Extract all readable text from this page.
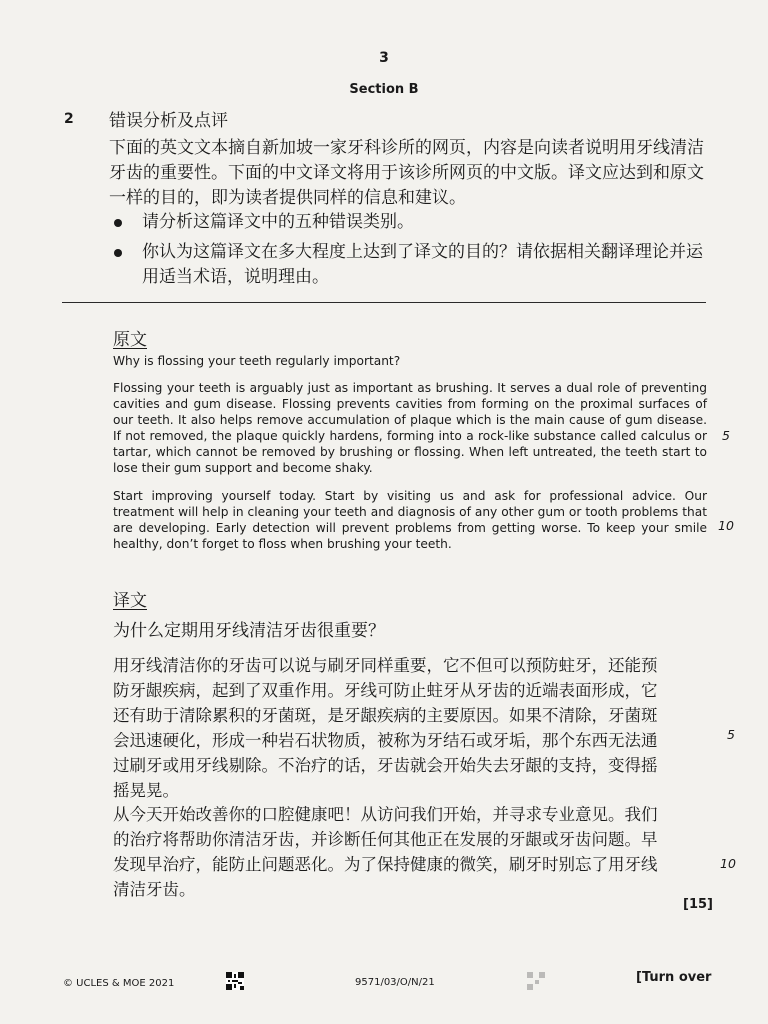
3
Section B
2 错误分析及点评

下面的英文文本摘自新加坡一家牙科诊所的网页，内容是向读者说明用牙线清洁牙齿的重要性。下面的中文译文将用于该诊所网页的中文版。译文应达到和原文一样的目的，即为读者提供同样的信息和建议。

请分析这篇译文中的五种错误类别。
你认为这篇译文在多大程度上达到了译文的目的？请依据相关翻译理论并运用适当术语，说明理由。
原文
Why is flossing your teeth regularly important?

Flossing your teeth is arguably just as important as brushing. It serves a dual role of preventing cavities and gum disease. Flossing prevents cavities from forming on the proximal surfaces of our teeth. It also helps remove accumulation of plaque which is the main cause of gum disease. If not removed, the plaque quickly hardens, forming into a rock-like substance called calculus or tartar, which cannot be removed by brushing or flossing. When left untreated, the teeth start to lose their gum support and become shaky.

5

Start improving yourself today. Start by visiting us and ask for professional advice. Our treatment will help in cleaning your teeth and diagnosis of any other gum or tooth problems that are developing. Early detection will prevent problems from getting worse. To keep your smile healthy, don’t forget to floss when brushing your teeth.

10
译文
为什么定期用牙线清洁牙齿很重要？

用牙线清洁你的牙齿可以说与刷牙同样重要，它不但可以预防蛀牙，还能预
防牙龈疾病，起到了双重作用。牙线可防止蛀牙从牙齿的近端表面形成，它
还有助于清除累积的牙菌斑，是牙龈疾病的主要原因。如果不清除，牙菌斑
会迅速硬化，形成一种岩石状物质，被称为牙结石或牙垢，那个东西无法通
过刷牙或用牙线剔除。不治疗的话，牙齿就会开始失去牙龈的支持，变得摇
摇晃晃。

5

从今天开始改善你的口腔健康吧！从访问我们开始，并寻求专业意见。我们
的治疗将帮助你清洁牙齿，并诊断任何其他正在发展的牙龈或牙齿问题。早
发现早治疗，能防止问题恶化。为了保持健康的微笑，刷牙时别忘了用牙线
清洁牙齿。

10
[15]
© UCLES & MOE 2021	9571/03/O/N/21	[Turn over
